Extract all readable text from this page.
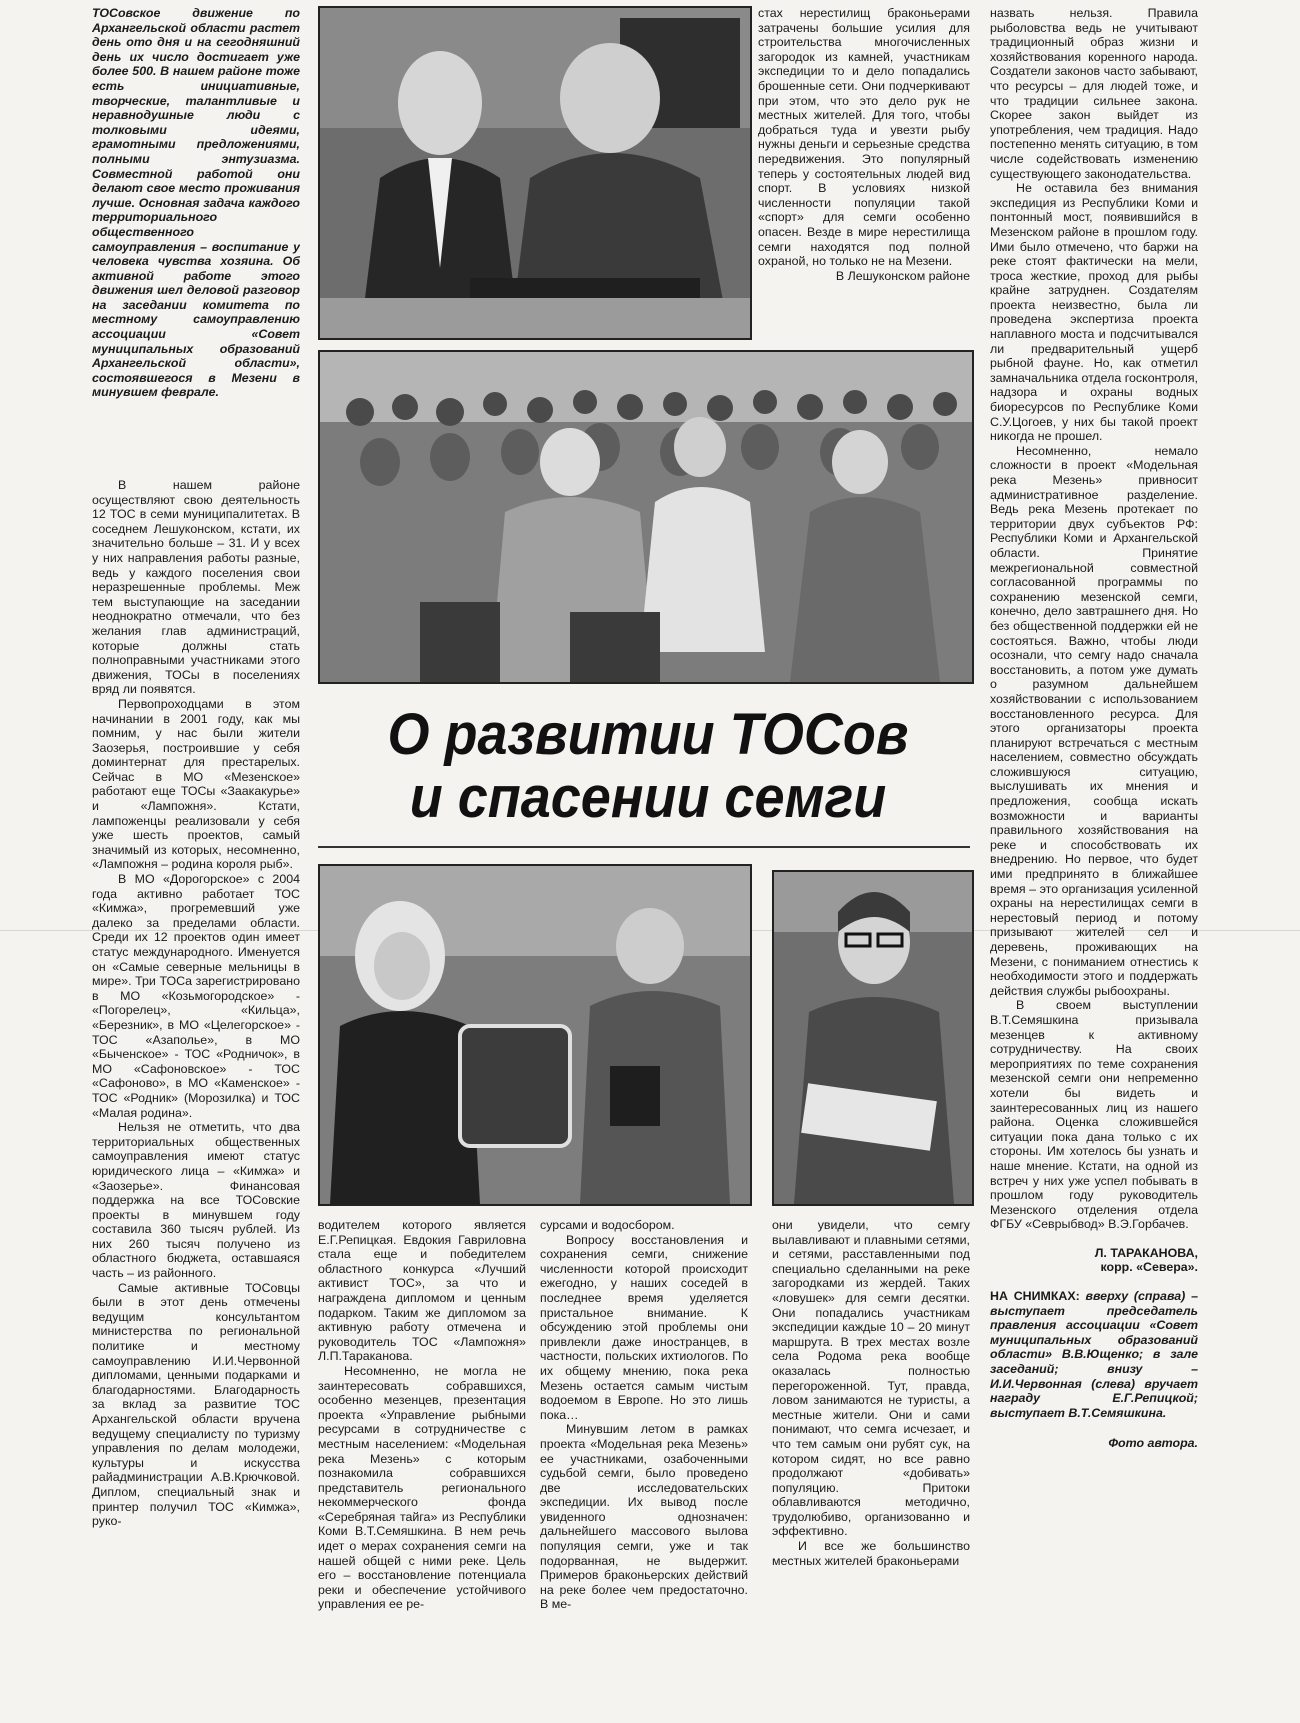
ТОСовское движение по Архангельской области растет день ото дня и на сегодняшний день их число достигает уже более 500. В нашем районе тоже есть инициативные, творческие, талантливые и неравнодушные люди с толковыми идеями, грамотными предложениями, полными энтузиазма. Совместной работой они делают свое место проживания лучше. Основная задача каждого территориального общественного самоуправления – воспитание у человека чувства хозяина. Об активной работе этого движения шел деловой разговор на заседании комитета по местному самоуправлению ассоциации «Совет муниципальных образований Архангельской области», состоявшегося в Мезени в минувшем феврале.

В нашем районе осуществляют свою деятельность 12 ТОС в семи муниципалитетах. В соседнем Лешуконском, кстати, их значительно больше – 31. И у всех у них направления работы разные, ведь у каждого поселения свои неразрешенные проблемы. Меж тем выступающие на заседании неоднократно отмечали, что без желания глав администраций, которые должны стать полноправными участниками этого движения, ТОСы в поселениях вряд ли появятся.

Первопроходцами в этом начинании в 2001 году, как мы помним, у нас были жители Заозерья, построившие у себя доминтернат для престарелых. Сейчас в МО «Мезенское» работают еще ТОСы «Заакакурье» и «Лампожня». Кстати, лампоженцы реализовали у себя уже шесть проектов, самый значимый из которых, несомненно, «Лампожня – родина короля рыб».

В МО «Дорогорское» с 2004 года активно работает ТОС «Кимжа», прогремевший уже далеко за пределами области. Среди их 12 проектов один имеет статус международного. Именуется он «Самые северные мельницы в мире». Три ТОСа зарегистрировано в МО «Козьмогородское» - «Погорелец», «Кильца», «Березник», в МО «Целегорское» - ТОС «Азаполье», в МО «Быченское» - ТОС «Родничок», в МО «Сафоновское» - ТОС «Сафоново», в МО «Каменское» - ТОС «Родник» (Морозилка) и ТОС «Малая родина».

Нельзя не отметить, что два территориальных общественных самоуправления имеют статус юридического лица – «Кимжа» и «Заозерье». Финансовая поддержка на все ТОСовские проекты в минувшем году составила 360 тысяч рублей. Из них 260 тысяч получено из областного бюджета, оставшаяся часть – из районного.

Самые активные ТОСовцы были в этот день отмечены ведущим консультантом министерства по региональной политике и местному самоуправлению И.И.Червонной дипломами, ценными подарками и благодарностями. Благодарность за вклад за развитие ТОС Архангельской области вручена ведущему специалисту по туризму управления по делам молодежи, культуры и искусства райадминистрации А.В.Крючковой. Диплом, специальный знак и принтер получил ТОС «Кимжа», руко-

стах нерестилищ браконьерами затрачены большие усилия для строительства многочисленных загородок из камней, участникам экспедиции то и дело попадались брошенные сети. Они подчеркивают при этом, что это дело рук не местных жителей. Для того, чтобы добраться туда и увезти рыбу нужны деньги и серьезные средства передвижения. Это популярный теперь у состоятельных людей вид спорт. В условиях низкой численности популяции такой «спорт» для семги особенно опасен. Везде в мире нерестилища семги находятся под полной охраной, но только не на Мезени.

В Лешуконском районе

О развитии ТОСов
и спасении семги

водителем которого является Е.Г.Репицкая. Евдокия Гавриловна стала еще и победителем областного конкурса «Лучший активист ТОС», за что и награждена дипломом и ценным подарком. Таким же дипломом за активную работу отмечена и руководитель ТОС «Лампожня» Л.П.Тараканова.

Несомненно, не могла не заинтересовать собравшихся, особенно мезенцев, презентация проекта «Управление рыбными ресурсами в сотрудничестве с местным населением: «Модельная река Мезень» с которым познакомила собравшихся представитель регионального некоммерческого фонда «Серебряная тайга» из Республики Коми В.Т.Семяшкина. В нем речь идет о мерах сохранения семги на нашей общей с ними реке. Цель его – восстановление потенциала реки и обеспечение устойчивого управления ее ре-

сурсами и водосбором.

Вопросу восстановления и сохранения семги, снижение численности которой происходит ежегодно, у наших соседей в последнее время уделяется пристальное внимание. К обсуждению этой проблемы они привлекли даже иностранцев, в частности, польских ихтиологов. По их общему мнению, пока река Мезень остается самым чистым водоемом в Европе. Но это лишь пока…

Минувшим летом в рамках проекта «Модельная река Мезень» ее участниками, озабоченными судьбой семги, было проведено две исследовательских экспедиции. Их вывод после увиденного однозначен: дальнейшего массового вылова популяция семги, уже и так подорванная, не выдержит. Примеров браконьерских действий на реке более чем предостаточно. В ме-

они увидели, что семгу вылавливают и плавными сетями, и сетями, расставленными под специально сделанными на реке загородками из жердей. Таких «ловушек» для семги десятки. Они попадались участникам экспедиции каждые 10 – 20 минут маршрута. В трех местах возле села Родома река вообще оказалась полностью перегороженной. Тут, правда, ловом занимаются не туристы, а местные жители. Они и сами понимают, что семга исчезает, и что тем самым они рубят сук, на котором сидят, но все равно продолжают «добивать» популяцию. Притоки облавливаются методично, трудолюбиво, организованно и эффективно.

И все же большинство местных жителей браконьерами

назвать нельзя. Правила рыболовства ведь не учитывают традиционный образ жизни и хозяйствования коренного народа. Создатели законов часто забывают, что ресурсы – для людей тоже, и что традиции сильнее закона. Скорее закон выйдет из употребления, чем традиция. Надо постепенно менять ситуацию, в том числе содействовать изменению существующего законодательства.

Не оставила без внимания экспедиция из Республики Коми и понтонный мост, появившийся в Мезенском районе в прошлом году. Ими было отмечено, что баржи на реке стоят фактически на мели, троса жесткие, проход для рыбы крайне затруднен. Создателям проекта неизвестно, была ли проведена экспертиза проекта наплавного моста и подсчитывался ли предварительный ущерб рыбной фауне. Но, как отметил замначальника отдела госконтроля, надзора и охраны водных биоресурсов по Республике Коми С.У.Цогоев, у них бы такой проект никогда не прошел.

Несомненно, немало сложности в проект «Модельная река Мезень» привносит административное разделение. Ведь река Мезень протекает по территории двух субъектов РФ: Республики Коми и Архангельской области. Принятие межрегиональной совместной согласованной программы по сохранению мезенской семги, конечно, дело завтрашнего дня. Но без общественной поддержки ей не состояться. Важно, чтобы люди осознали, что семгу надо сначала восстановить, а потом уже думать о разумном дальнейшем хозяйствовании с использованием восстановленного ресурса. Для этого организаторы проекта планируют встречаться с местным населением, совместно обсуждать сложившуюся ситуацию, выслушивать их мнения и предложения, сообща искать возможности и варианты правильного хозяйствования на реке и способствовать их внедрению. Но первое, что будет ими предпринято в ближайшее время – это организация усиленной охраны на нерестилищах семги в нерестовый период и потому призывают жителей сел и деревень, проживающих на Мезени, с пониманием отнестись к необходимости этого и поддержать действия службы рыбоохраны.

В своем выступлении В.Т.Семяшкина призывала мезенцев к активному сотрудничеству. На своих мероприятиях по теме сохранения мезенской семги они непременно хотели бы видеть и заинтересованных лиц из нашего района. Оценка сложившейся ситуации пока дана только с их стороны. Им хотелось бы узнать и наше мнение. Кстати, на одной из встреч у них уже успел побывать в прошлом году руководитель Мезенского отделения отдела ФГБУ «Севрыбвод» В.Э.Горбачев.

Л. ТАРАКАНОВА,
корр. «Севера».
НА СНИМКАХ: вверху (справа) – выступает председатель правления ассоциации «Совет муниципальных образований области» В.В.Ющенко; в зале заседаний; внизу – И.И.Червонная (слева) вручает награду Е.Г.Репицкой; выступает В.Т.Семяшкина.
Фото автора.
